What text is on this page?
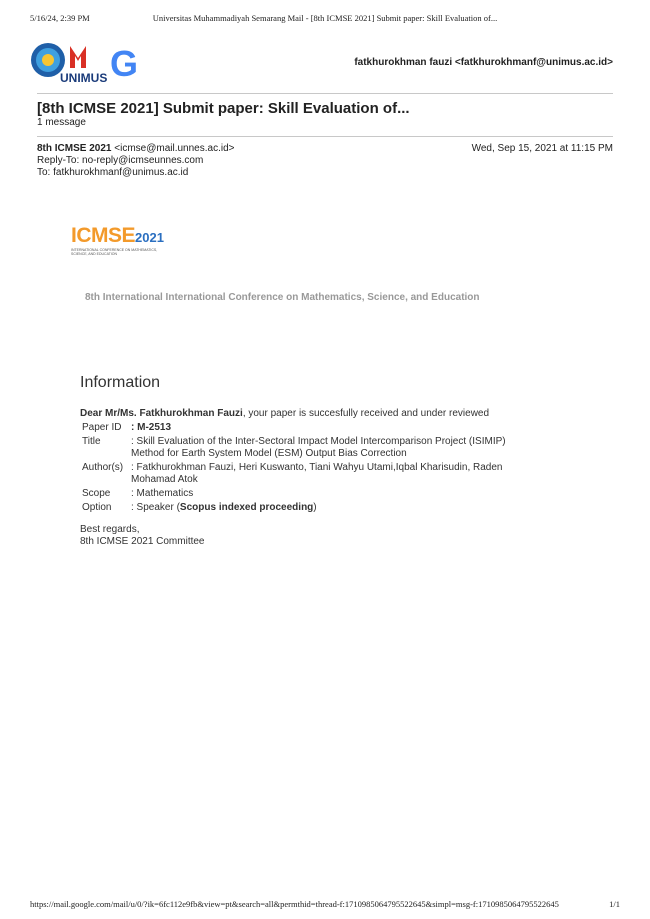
5/16/24, 2:39 PM	Universitas Muhammadiyah Semarang Mail - [8th ICMSE 2021] Submit paper: Skill Evaluation of...
UNIMUS G	fatkhurokhman fauzi <fatkhurokhmanf@unimus.ac.id>
[8th ICMSE 2021] Submit paper: Skill Evaluation of...
1 message
8th ICMSE 2021 <icmse@mail.unnes.ac.id>
Reply-To: no-reply@icmseunnes.com
To: fatkhurokhmanf@unimus.ac.id
Wed, Sep 15, 2021 at 11:15 PM
ICMSE2021
INTERNATIONAL CONFERENCE ON MATHEMATICS, SCIENCE, AND EDUCATION
8th International International Conference on Mathematics, Science, and Education
Information
Dear Mr/Ms. Fatkhurokhman Fauzi, your paper is succesfully received and under reviewed
Paper ID	: M-2513
Title	: Skill Evaluation of the Inter-Sectoral Impact Model Intercomparison Project (ISIMIP) Method for Earth System Model (ESM) Output Bias Correction
Author(s)	: Fatkhurokhman Fauzi, Heri Kuswanto, Tiani Wahyu Utami,Iqbal Kharisudin, Raden Mohamad Atok
Scope	: Mathematics
Option	: Speaker (Scopus indexed proceeding)
Best regards,
8th ICMSE 2021 Committee
https://mail.google.com/mail/u/0/?ik=6fc112e9fb&view=pt&search=all&permthid=thread-f:1710985064795522645&simpl=msg-f:1710985064795522645	1/1
